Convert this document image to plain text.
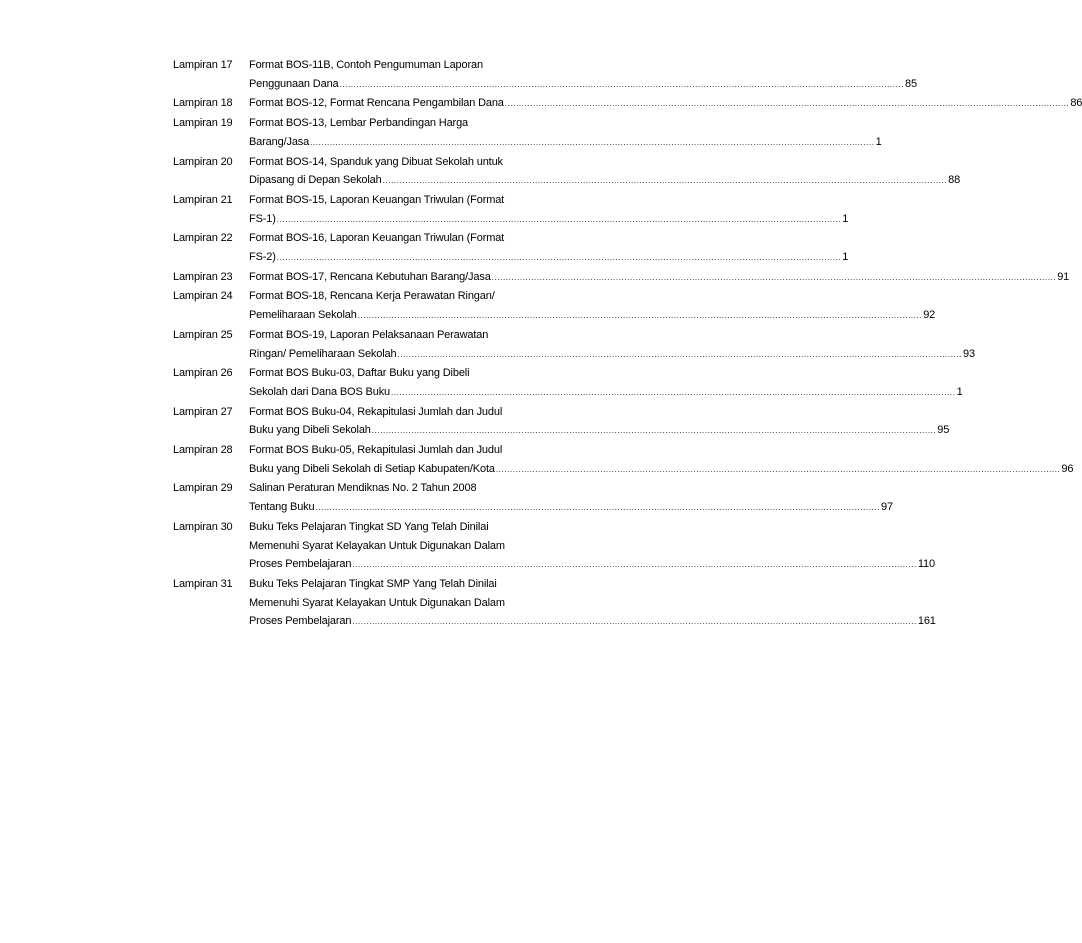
Lampiran 17	Format BOS-11B, Contoh Pengumuman Laporan
Penggunaan Dana ........................................................................................................................................................................................................ 85
Lampiran 18	Format BOS-12, Format Rencana Pengambilan Dana ........................................................................................................................................................................................................ 86
Lampiran 19	Format BOS-13, Lembar Perbandingan Harga
Barang/Jasa ........................................................................................................................................................................................................ 1
Lampiran 20	Format BOS-14, Spanduk yang Dibuat Sekolah untuk
Dipasang di Depan Sekolah ........................................................................................................................................................................................................ 88
Lampiran 21	Format BOS-15, Laporan Keuangan Triwulan (Format
FS-1) ........................................................................................................................................................................................................ 1
Lampiran 22	Format BOS-16, Laporan Keuangan Triwulan (Format
FS-2) ........................................................................................................................................................................................................ 1
Lampiran 23	Format BOS-17, Rencana Kebutuhan Barang/Jasa ........................................................................................................................................................................................................ 91
Lampiran 24	Format BOS-18, Rencana Kerja Perawatan Ringan/
Pemeliharaan Sekolah ........................................................................................................................................................................................................ 92
Lampiran 25	Format BOS-19, Laporan Pelaksanaan Perawatan
Ringan/ Pemeliharaan Sekolah ........................................................................................................................................................................................................ 93
Lampiran 26	Format BOS Buku-03, Daftar Buku yang Dibeli
Sekolah dari Dana BOS Buku ........................................................................................................................................................................................................ 1
Lampiran 27	Format BOS Buku-04, Rekapitulasi Jumlah dan Judul
Buku yang Dibeli Sekolah ........................................................................................................................................................................................................ 95
Lampiran 28	Format BOS Buku-05, Rekapitulasi Jumlah dan Judul
Buku yang Dibeli Sekolah di Setiap Kabupaten/Kota ........................................................................................................................................................................................................ 96
Lampiran 29	Salinan Peraturan Mendiknas No. 2 Tahun 2008
Tentang Buku ........................................................................................................................................................................................................ 97
Lampiran 30	Buku Teks Pelajaran Tingkat SD Yang Telah Dinilai
Memenuhi Syarat Kelayakan Untuk Digunakan Dalam
Proses Pembelajaran ........................................................................................................................................................................................................ 110
Lampiran 31	Buku Teks Pelajaran Tingkat SMP Yang Telah Dinilai
Memenuhi Syarat Kelayakan Untuk Digunakan Dalam
Proses Pembelajaran ........................................................................................................................................................................................................ 161
